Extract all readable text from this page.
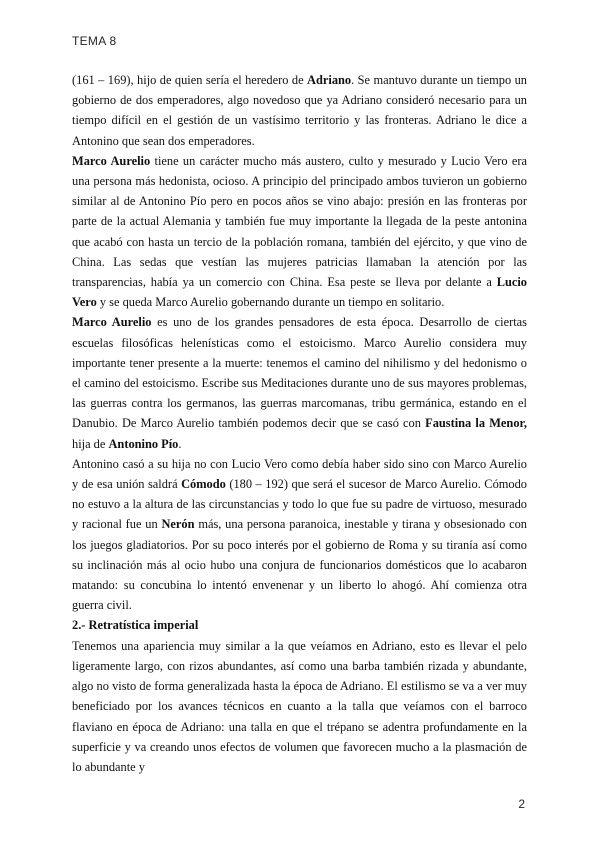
TEMA 8

(161 – 169), hijo de quien sería el heredero de Adriano. Se mantuvo durante un tiempo un gobierno de dos emperadores, algo novedoso que ya Adriano consideró necesario para un tiempo difícil en el gestión de un vastísimo territorio y las fronteras. Adriano le dice a Antonino que sean dos emperadores.

Marco Aurelio tiene un carácter mucho más austero, culto y mesurado y Lucio Vero era una persona más hedonista, ocioso. A principio del principado ambos tuvieron un gobierno similar al de Antonino Pío pero en pocos años se vino abajo: presión en las fronteras por parte de la actual Alemania y también fue muy importante la llegada de la peste antonina que acabó con hasta un tercio de la población romana, también del ejército, y que vino de China. Las sedas que vestían las mujeres patricias llamaban la atención por las transparencias, había ya un comercio con China. Esa peste se lleva por delante a Lucio Vero y se queda Marco Aurelio gobernando durante un tiempo en solitario.

Marco Aurelio es uno de los grandes pensadores de esta época. Desarrollo de ciertas escuelas filosóficas helenísticas como el estoicismo. Marco Aurelio considera muy importante tener presente a la muerte: tenemos el camino del nihilismo y del hedonismo o el camino del estoicismo. Escribe sus Meditaciones durante uno de sus mayores problemas, las guerras contra los germanos, las guerras marcomanas, tribu germánica, estando en el Danubio. De Marco Aurelio también podemos decir que se casó con Faustina la Menor, hija de Antonino Pío.

Antonino casó a su hija no con Lucio Vero como debía haber sido sino con Marco Aurelio y de esa unión saldrá Cómodo (180 – 192) que será el sucesor de Marco Aurelio. Cómodo no estuvo a la altura de las circunstancias y todo lo que fue su padre de virtuoso, mesurado y racional fue un Nerón más, una persona paranoica, inestable y tirana y obsesionado con los juegos gladiatorios. Por su poco interés por el gobierno de Roma y su tiranía así como su inclinación más al ocio hubo una conjura de funcionarios domésticos que lo acabaron matando: su concubina lo intentó envenenar y un liberto lo ahogó. Ahí comienza otra guerra civil.

2.- Retratística imperial

Tenemos una apariencia muy similar a la que veíamos en Adriano, esto es llevar el pelo ligeramente largo, con rizos abundantes, así como una barba también rizada y abundante, algo no visto de forma generalizada hasta la época de Adriano. El estilismo se va a ver muy beneficiado por los avances técnicos en cuanto a la talla que veíamos con el barroco flaviano en época de Adriano: una talla en que el trépano se adentra profundamente en la superficie y va creando unos efectos de volumen que favorecen mucho a la plasmación de lo abundante y

2
